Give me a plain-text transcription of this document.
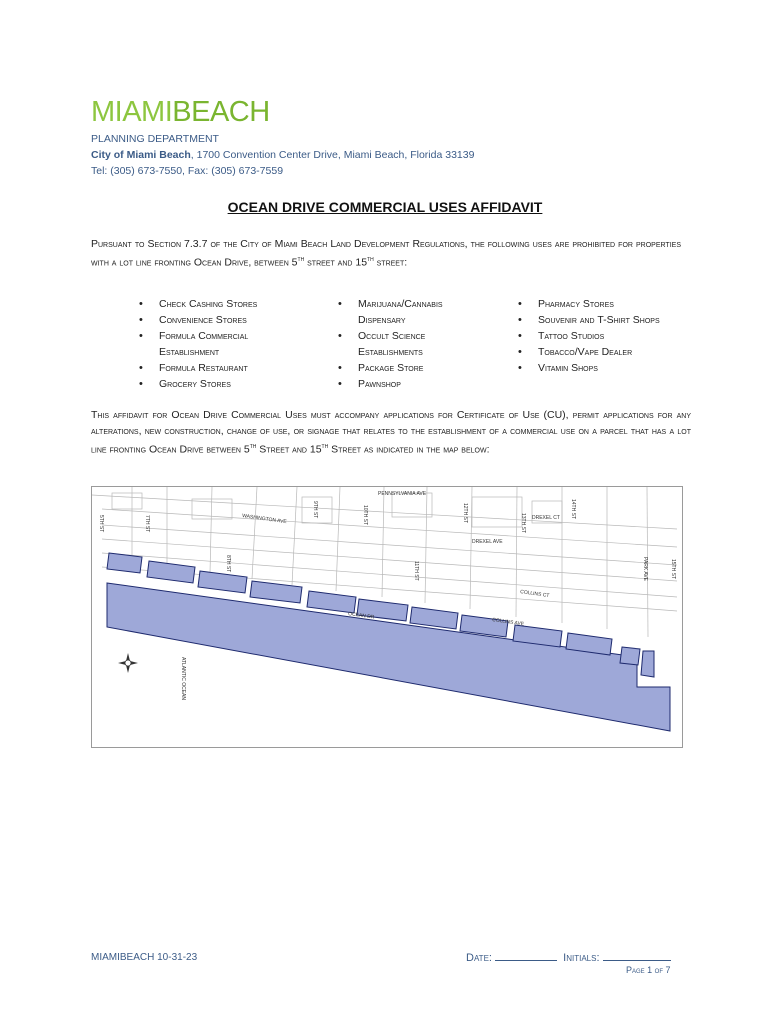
MIAMIBEACH
PLANNING DEPARTMENT
City of Miami Beach, 1700 Convention Center Drive, Miami Beach, Florida 33139
Tel: (305) 673-7550, Fax: (305) 673-7559
OCEAN DRIVE COMMERCIAL USES AFFIDAVIT
Pursuant to Section 7.3.7 of the City of Miami Beach Land Development Regulations, the following uses are prohibited for properties with a lot line fronting Ocean Drive, between 5th street and 15th street:
• Check Cashing Stores
• Convenience Stores
• Formula Commercial Establishment
• Formula Restaurant
• Grocery Stores
• Marijuana/Cannabis Dispensary
• Occult Science Establishments
• Package Store
• Pawnshop
• Pharmacy Stores
• Souvenir and T-Shirt Shops
• Tattoo Studios
• Tobacco/Vape Dealer
• Vitamin Shops
This affidavit for Ocean Drive Commercial Uses must accompany applications for Certificate of Use (CU), permit applications for any alterations, new construction, change of use, or signage that relates to the establishment of a commercial use on a parcel that has a lot line fronting Ocean Drive between 5th Street and 15th Street as indicated in the map below:
PENNSYLVANIA AVE
WASHINGTON AVE	DREXEL CT
DREXEL AVE
COLLINS CT
COLLINS AVE
OCEAN DR
ATLANTIC OCEAN
PARK AVE
5TH ST	7TH ST
8TH ST
9TH ST	10TH ST
11TH ST
12TH ST	13TH ST
14TH ST
15TH ST
MIAMIBEACH 10-31-23	Date:	Initials:
Page 1 of 7
